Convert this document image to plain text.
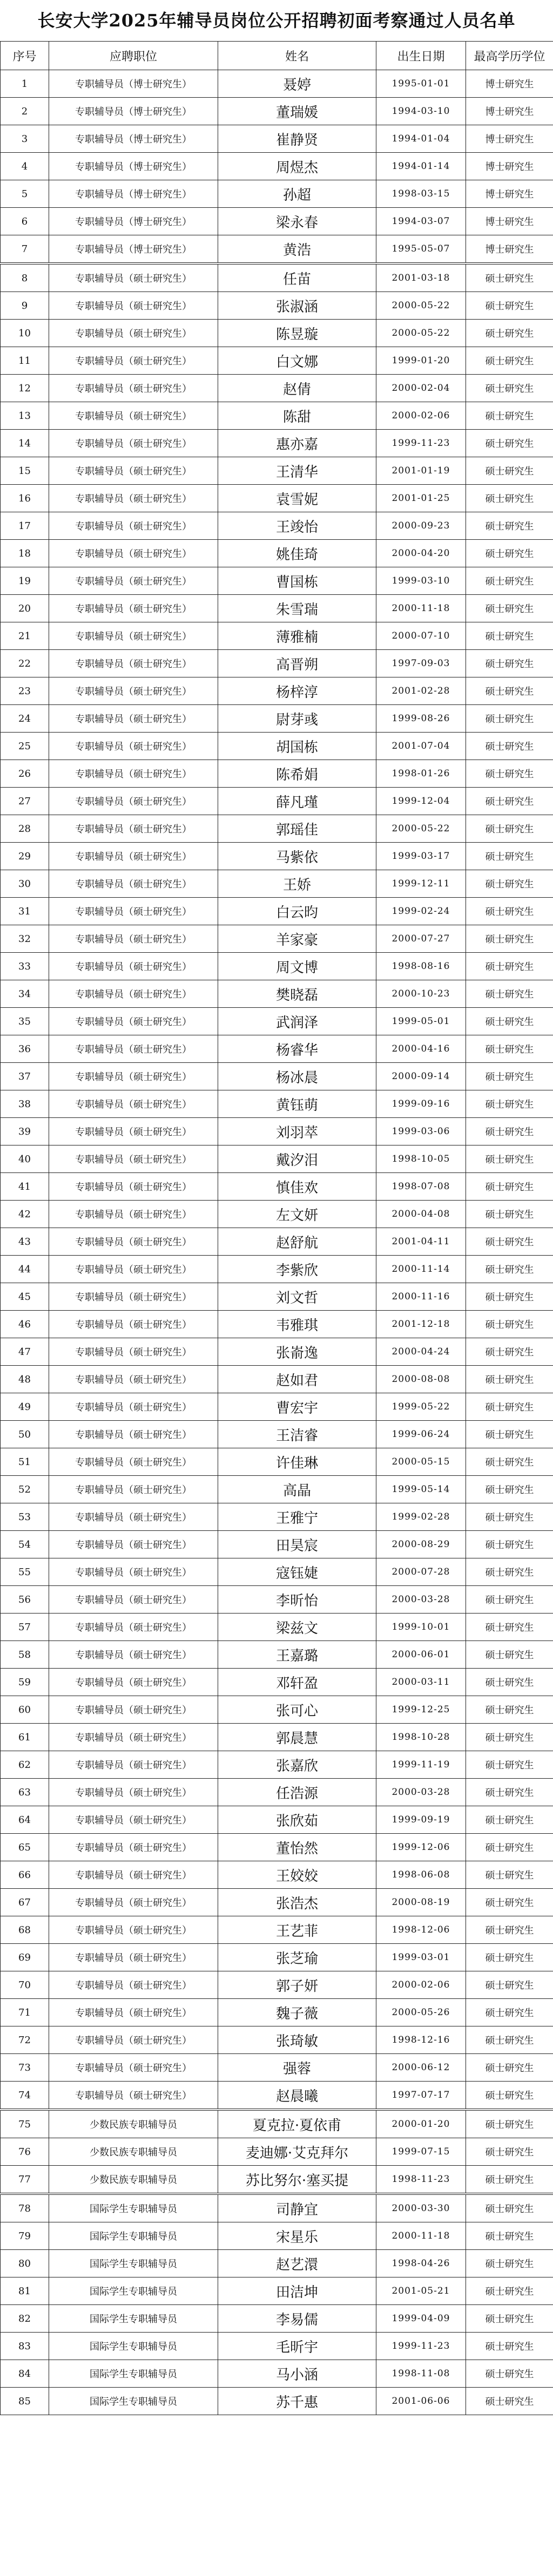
长安大学2025年辅导员岗位公开招聘初面考察通过人员名单
序号	应聘职位	姓名	出生日期	最高学历学位
1	专职辅导员（博士研究生）	聂婷	1995-01-01	博士研究生
2	专职辅导员（博士研究生）	董瑞媛	1994-03-10	博士研究生
3	专职辅导员（博士研究生）	崔静贤	1994-01-04	博士研究生
4	专职辅导员（博士研究生）	周煜杰	1994-01-14	博士研究生
5	专职辅导员（博士研究生）	孙超	1998-03-15	博士研究生
6	专职辅导员（博士研究生）	梁永春	1994-03-07	博士研究生
7	专职辅导员（博士研究生）	黄浩	1995-05-07	博士研究生
8	专职辅导员（硕士研究生）	任苗	2001-03-18	硕士研究生
9	专职辅导员（硕士研究生）	张淑涵	2000-05-22	硕士研究生
10	专职辅导员（硕士研究生）	陈昱璇	2000-05-22	硕士研究生
11	专职辅导员（硕士研究生）	白文娜	1999-01-20	硕士研究生
12	专职辅导员（硕士研究生）	赵倩	2000-02-04	硕士研究生
13	专职辅导员（硕士研究生）	陈甜	2000-02-06	硕士研究生
14	专职辅导员（硕士研究生）	惠亦嘉	1999-11-23	硕士研究生
15	专职辅导员（硕士研究生）	王清华	2001-01-19	硕士研究生
16	专职辅导员（硕士研究生）	袁雪妮	2001-01-25	硕士研究生
17	专职辅导员（硕士研究生）	王竣怡	2000-09-23	硕士研究生
18	专职辅导员（硕士研究生）	姚佳琦	2000-04-20	硕士研究生
19	专职辅导员（硕士研究生）	曹国栋	1999-03-10	硕士研究生
20	专职辅导员（硕士研究生）	朱雪瑞	2000-11-18	硕士研究生
21	专职辅导员（硕士研究生）	薄雅楠	2000-07-10	硕士研究生
22	专职辅导员（硕士研究生）	高晋朔	1997-09-03	硕士研究生
23	专职辅导员（硕士研究生）	杨梓淳	2001-02-28	硕士研究生
24	专职辅导员（硕士研究生）	尉芽彧	1999-08-26	硕士研究生
25	专职辅导员（硕士研究生）	胡国栋	2001-07-04	硕士研究生
26	专职辅导员（硕士研究生）	陈希娟	1998-01-26	硕士研究生
27	专职辅导员（硕士研究生）	薛凡瑾	1999-12-04	硕士研究生
28	专职辅导员（硕士研究生）	郭瑶佳	2000-05-22	硕士研究生
29	专职辅导员（硕士研究生）	马紫依	1999-03-17	硕士研究生
30	专职辅导员（硕士研究生）	王娇	1999-12-11	硕士研究生
31	专职辅导员（硕士研究生）	白云昀	1999-02-24	硕士研究生
32	专职辅导员（硕士研究生）	羊家豪	2000-07-27	硕士研究生
33	专职辅导员（硕士研究生）	周文博	1998-08-16	硕士研究生
34	专职辅导员（硕士研究生）	樊晓磊	2000-10-23	硕士研究生
35	专职辅导员（硕士研究生）	武润泽	1999-05-01	硕士研究生
36	专职辅导员（硕士研究生）	杨睿华	2000-04-16	硕士研究生
37	专职辅导员（硕士研究生）	杨冰晨	2000-09-14	硕士研究生
38	专职辅导员（硕士研究生）	黄钰萌	1999-09-16	硕士研究生
39	专职辅导员（硕士研究生）	刘羽萃	1999-03-06	硕士研究生
40	专职辅导员（硕士研究生）	戴汐泪	1998-10-05	硕士研究生
41	专职辅导员（硕士研究生）	慎佳欢	1998-07-08	硕士研究生
42	专职辅导员（硕士研究生）	左文妍	2000-04-08	硕士研究生
43	专职辅导员（硕士研究生）	赵舒航	2001-04-11	硕士研究生
44	专职辅导员（硕士研究生）	李紫欣	2000-11-14	硕士研究生
45	专职辅导员（硕士研究生）	刘文哲	2000-11-16	硕士研究生
46	专职辅导员（硕士研究生）	韦雅琪	2001-12-18	硕士研究生
47	专职辅导员（硕士研究生）	张嵛逸	2000-04-24	硕士研究生
48	专职辅导员（硕士研究生）	赵如君	2000-08-08	硕士研究生
49	专职辅导员（硕士研究生）	曹宏宇	1999-05-22	硕士研究生
50	专职辅导员（硕士研究生）	王洁睿	1999-06-24	硕士研究生
51	专职辅导员（硕士研究生）	许佳琳	2000-05-15	硕士研究生
52	专职辅导员（硕士研究生）	高晶	1999-05-14	硕士研究生
53	专职辅导员（硕士研究生）	王雅宁	1999-02-28	硕士研究生
54	专职辅导员（硕士研究生）	田昊宸	2000-08-29	硕士研究生
55	专职辅导员（硕士研究生）	寇钰婕	2000-07-28	硕士研究生
56	专职辅导员（硕士研究生）	李昕怡	2000-03-28	硕士研究生
57	专职辅导员（硕士研究生）	梁兹文	1999-10-01	硕士研究生
58	专职辅导员（硕士研究生）	王嘉璐	2000-06-01	硕士研究生
59	专职辅导员（硕士研究生）	邓轩盈	2000-03-11	硕士研究生
60	专职辅导员（硕士研究生）	张可心	1999-12-25	硕士研究生
61	专职辅导员（硕士研究生）	郭晨慧	1998-10-28	硕士研究生
62	专职辅导员（硕士研究生）	张嘉欣	1999-11-19	硕士研究生
63	专职辅导员（硕士研究生）	任浩源	2000-03-28	硕士研究生
64	专职辅导员（硕士研究生）	张欣茹	1999-09-19	硕士研究生
65	专职辅导员（硕士研究生）	董怡然	1999-12-06	硕士研究生
66	专职辅导员（硕士研究生）	王姣姣	1998-06-08	硕士研究生
67	专职辅导员（硕士研究生）	张浩杰	2000-08-19	硕士研究生
68	专职辅导员（硕士研究生）	王艺菲	1998-12-06	硕士研究生
69	专职辅导员（硕士研究生）	张芝瑜	1999-03-01	硕士研究生
70	专职辅导员（硕士研究生）	郭子妍	2000-02-06	硕士研究生
71	专职辅导员（硕士研究生）	魏子薇	2000-05-26	硕士研究生
72	专职辅导员（硕士研究生）	张琦敏	1998-12-16	硕士研究生
73	专职辅导员（硕士研究生）	强蓉	2000-06-12	硕士研究生
74	专职辅导员（硕士研究生）	赵晨曦	1997-07-17	硕士研究生
75	少数民族专职辅导员	夏克拉·夏依甫	2000-01-20	硕士研究生
76	少数民族专职辅导员	麦迪娜·艾克拜尔	1999-07-15	硕士研究生
77	少数民族专职辅导员	苏比努尔·塞买提	1998-11-23	硕士研究生
78	国际学生专职辅导员	司静宜	2000-03-30	硕士研究生
79	国际学生专职辅导员	宋星乐	2000-11-18	硕士研究生
80	国际学生专职辅导员	赵艺澴	1998-04-26	硕士研究生
81	国际学生专职辅导员	田洁坤	2001-05-21	硕士研究生
82	国际学生专职辅导员	李易儒	1999-04-09	硕士研究生
83	国际学生专职辅导员	毛昕宇	1999-11-23	硕士研究生
84	国际学生专职辅导员	马小涵	1998-11-08	硕士研究生
85	国际学生专职辅导员	苏千惠	2001-06-06	硕士研究生
